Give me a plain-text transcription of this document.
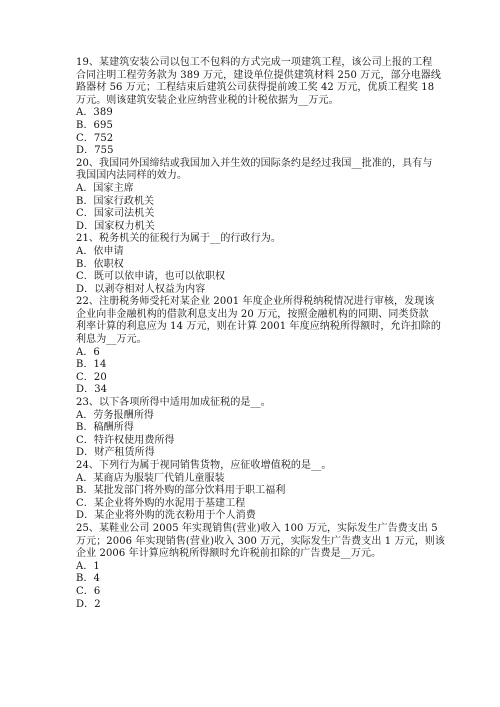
19、某建筑安装公司以包工不包料的方式完成一项建筑工程，该公司上报的工程
合同注明工程劳务款为 389 万元，建设单位提供建筑材料 250 万元，部分电器线
路器材 56 万元；工程结束后建筑公司获得提前竣工奖 42 万元，优质工程奖 18
万元。则该建筑安装企业应纳营业税的计税依据为__万元。
A．389
B．695
C．752
D．755
20、我国同外国缔结或我国加入并生效的国际条约是经过我国__批准的，具有与
我国国内法同样的效力。
A．国家主席
B．国家行政机关
C．国家司法机关
D．国家权力机关
21、税务机关的征税行为属于__的行政行为。
A．依申请
B．依职权
C．既可以依申请，也可以依职权
D．以剥夺相对人权益为内容
22、注册税务师受托对某企业 2001 年度企业所得税纳税情况进行审核，发现该
企业向非金融机构的借款利息支出为 20 万元，按照金融机构的同期、同类贷款
利率计算的利息应为 14 万元，则在计算 2001 年度应纳税所得额时，允许扣除的
利息为__万元。
A．6
B．14
C．20
D．34
23、以下各项所得中适用加成征税的是__。
A．劳务报酬所得
B．稿酬所得
C．特许权使用费所得
D．财产租赁所得
24、下列行为属于视同销售货物，应征收增值税的是__。
A．某商店为服装厂代销儿童服装
B．某批发部门将外购的部分饮料用于职工福利
C．某企业将外购的水泥用于基建工程
D．某企业将外购的洗衣粉用于个人消费
25、某鞋业公司 2005 年实现销售(营业)收入 100 万元，实际发生广告费支出 5
万元；2006 年实现销售(营业)收入 300 万元，实际发生广告费支出 1 万元，则该
企业 2006 年计算应纳税所得额时允许税前扣除的广告费是__万元。
A．1
B．4
C．6
D．2
